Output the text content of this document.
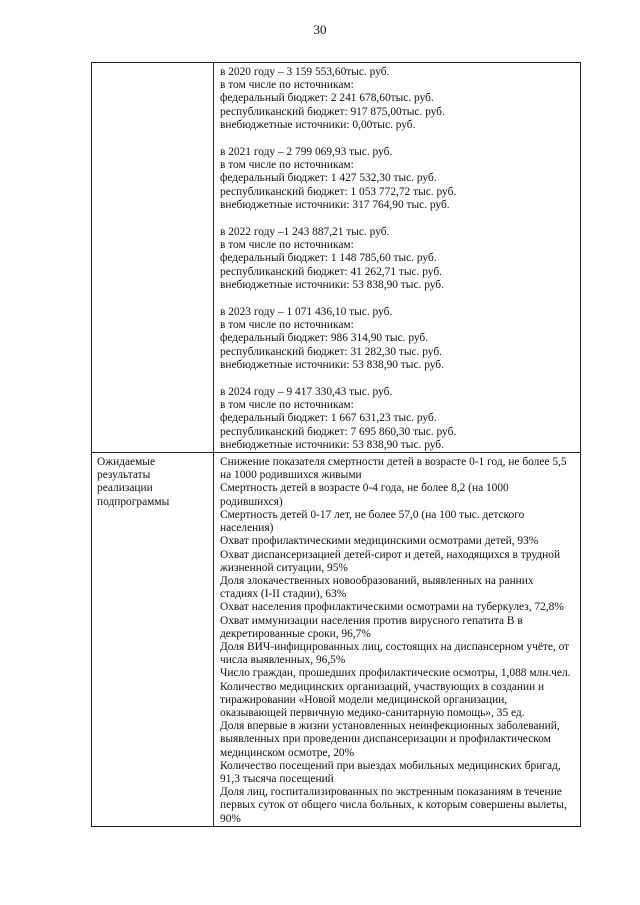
30
в 2020 году – 3 159 553,60тыс. руб.
в том числе по источникам:
федеральный бюджет: 2 241 678,60тыс. руб.
республиканский бюджет: 917 875,00тыс. руб.
внебюджетные источники: 0,00тыс. руб.
в 2021 году – 2 799 069,93 тыс. руб.
в том числе по источникам:
федеральный бюджет: 1 427 532,30 тыс. руб.
республиканский бюджет: 1 053 772,72 тыс. руб.
внебюджетные источники: 317 764,90 тыс. руб.
в 2022 году –1 243 887,21 тыс. руб.
в том числе по источникам:
федеральный бюджет: 1 148 785,60 тыс. руб.
республиканский бюджет: 41 262,71 тыс. руб.
внебюджетные источники: 53 838,90 тыс. руб.
в 2023 году – 1 071 436,10 тыс. руб.
в том числе по источникам:
федеральный бюджет: 986 314,90 тыс. руб.
республиканский бюджет: 31 282,30 тыс. руб.
внебюджетные источники: 53 838,90 тыс. руб.
в 2024 году – 9 417 330,43 тыс. руб.
в том числе по источникам:
федеральный бюджет: 1 667 631,23 тыс. руб.
республиканский бюджет: 7 695 860,30 тыс. руб.
внебюджетные источники: 53 838,90 тыс. руб.
Ожидаемые результаты реализации подпрограммы
Снижение показателя смертности детей в возрасте 0-1 год, не более 5,5 на 1000 родившихся живыми
Смертность детей в возрасте 0-4 года, не более 8,2 (на 1000 родившихся)
Смертность детей 0-17 лет, не более 57,0 (на 100 тыс. детского населения)
Охват профилактическими медицинскими осмотрами детей, 93%
Охват диспансеризацией детей-сирот и детей, находящихся в трудной жизненной ситуации, 95%
Доля злокачественных новообразований, выявленных на ранних стадиях (I-II стадии), 63%
Охват населения профилактическими осмотрами на туберкулез, 72,8%
Охват иммунизации населения против вирусного гепатита В в декретированные сроки, 96,7%
Доля ВИЧ-инфицированных лиц, состоящих на диспансерном учёте, от числа выявленных, 96,5%
Число граждан, прошедших профилактические осмотры, 1,088 млн.чел.
Количество медицинских организаций, участвующих в создании и тиражировании «Новой модели медицинской организации, оказывающей первичную медико-санитарную помощь», 35 ед.
Доля впервые в жизни установленных неинфекционных заболеваний, выявленных при проведении диспансеризации и профилактическом медицинском осмотре, 20%
Количество посещений при выездах мобильных медицинских бригад, 91,3 тысяча посещений
Доля лиц, госпитализированных по экстренным показаниям в течение первых суток от общего числа больных, к которым совершены вылеты, 90%
